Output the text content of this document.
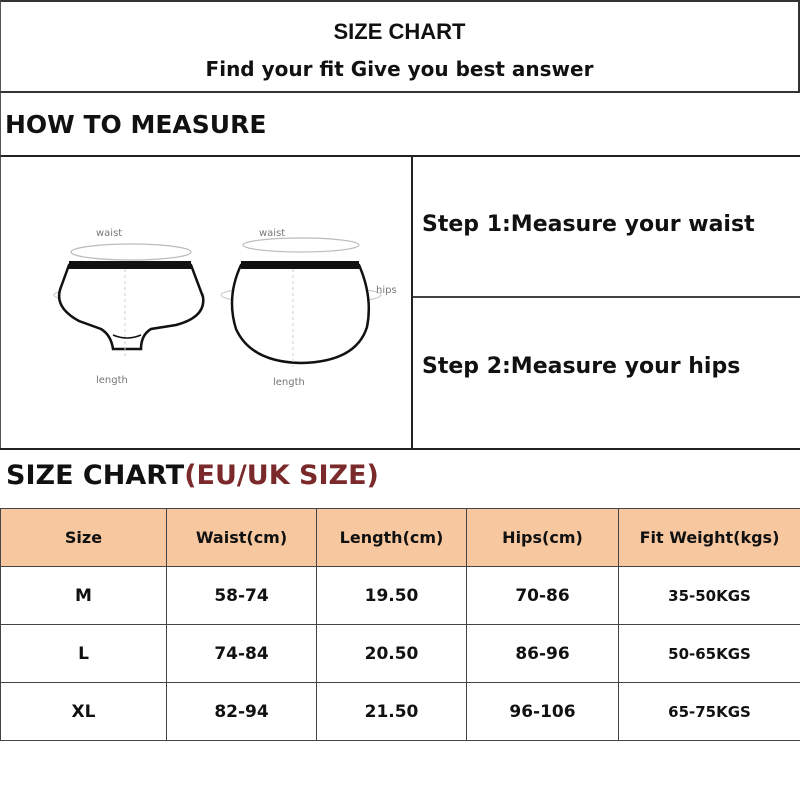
SIZE CHART
Find your fit Give you best answer
HOW TO MEASURE
waist
length
waist
hips
length
Step 1:Measure your waist
Step 2:Measure your hips
SIZE CHART(EU/UK SIZE)
Size	Waist(cm)	Length(cm)	Hips(cm)	Fit Weight(kgs)
M	58-74	19.50	70-86	35-50KGS
L	74-84	20.50	86-96	50-65KGS
XL	82-94	21.50	96-106	65-75KGS
